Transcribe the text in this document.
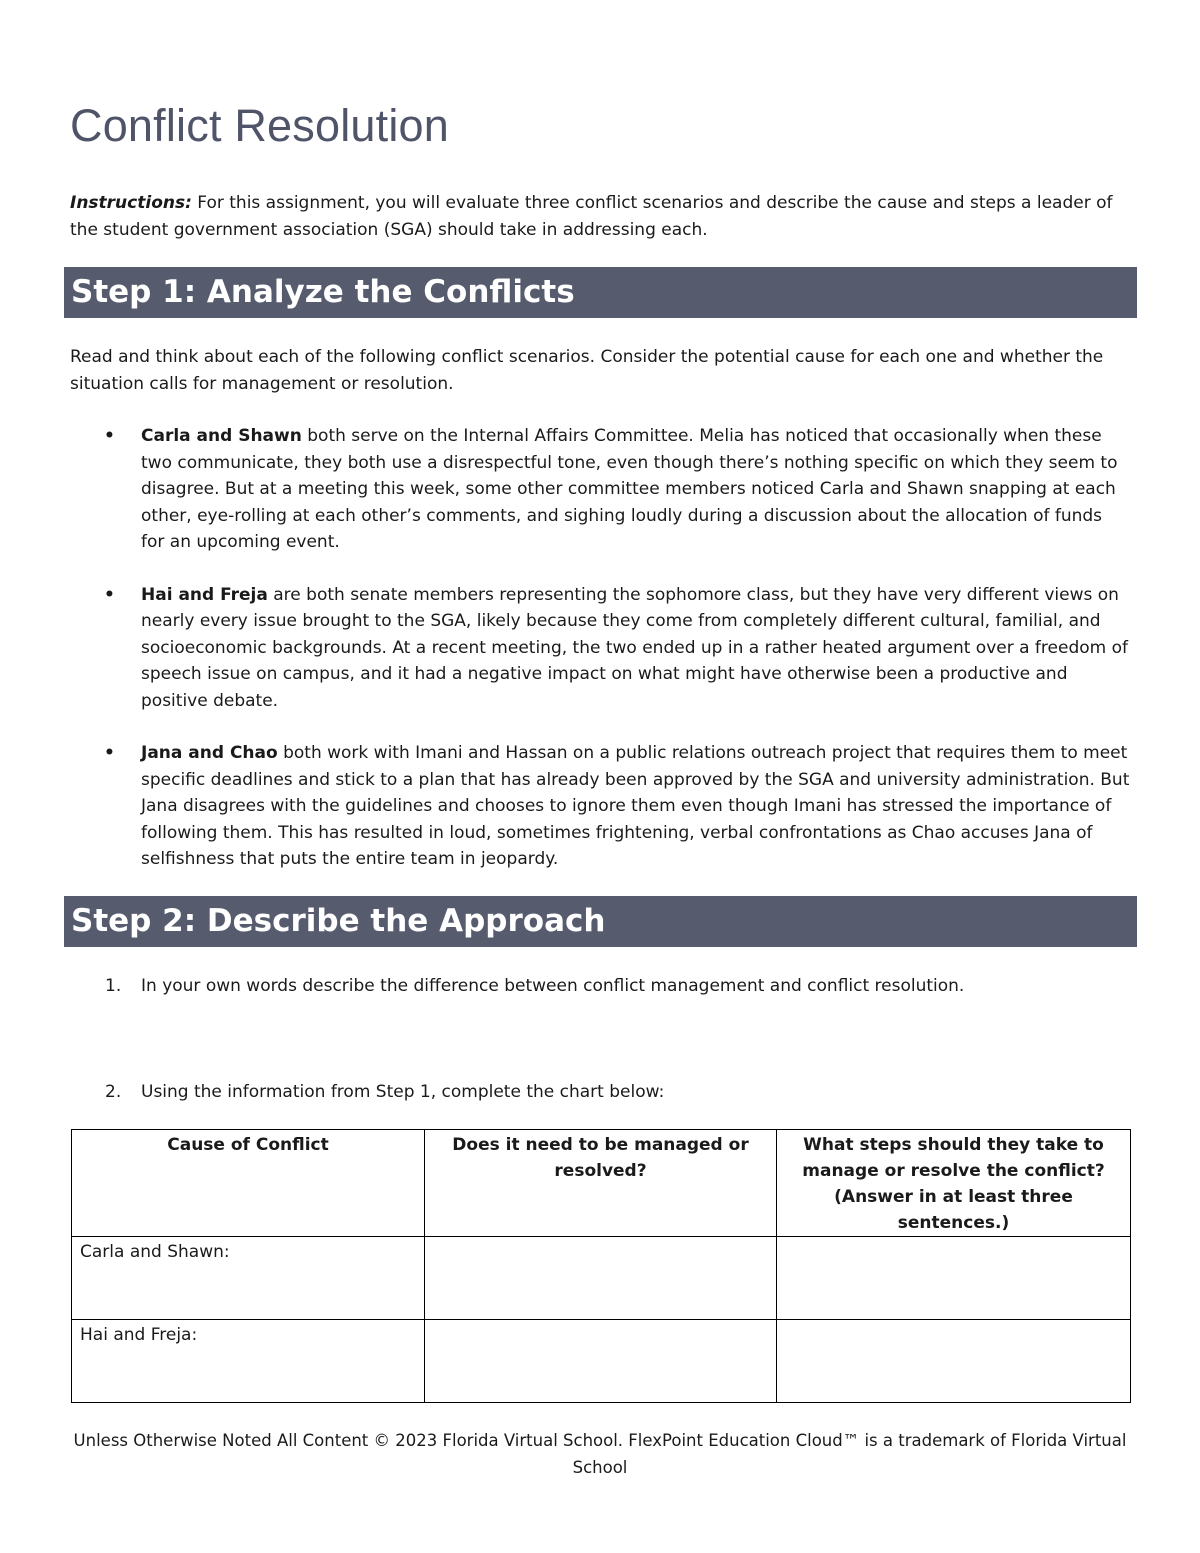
Conflict Resolution

Instructions: For this assignment, you will evaluate three conflict scenarios and describe the cause and steps a leader of the student government association (SGA) should take in addressing each.

Step 1: Analyze the Conflicts

Read and think about each of the following conflict scenarios. Consider the potential cause for each one and whether the situation calls for management or resolution.

• Carla and Shawn both serve on the Internal Affairs Committee. Melia has noticed that occasionally when these two communicate, they both use a disrespectful tone, even though there’s nothing specific on which they seem to disagree. But at a meeting this week, some other committee members noticed Carla and Shawn snapping at each other, eye-rolling at each other’s comments, and sighing loudly during a discussion about the allocation of funds for an upcoming event.
• Hai and Freja are both senate members representing the sophomore class, but they have very different views on nearly every issue brought to the SGA, likely because they come from completely different cultural, familial, and socioeconomic backgrounds. At a recent meeting, the two ended up in a rather heated argument over a freedom of speech issue on campus, and it had a negative impact on what might have otherwise been a productive and positive debate.
• Jana and Chao both work with Imani and Hassan on a public relations outreach project that requires them to meet specific deadlines and stick to a plan that has already been approved by the SGA and university administration. But Jana disagrees with the guidelines and chooses to ignore them even though Imani has stressed the importance of following them. This has resulted in loud, sometimes frightening, verbal confrontations as Chao accuses Jana of selfishness that puts the entire team in jeopardy.
Step 2: Describe the Approach
1. In your own words describe the difference between conflict management and conflict resolution.
2. Using the information from Step 1, complete the chart below:
Cause of Conflict	Does it need to be managed or resolved?	What steps should they take to manage or resolve the conflict? (Answer in at least three sentences.)
Carla and Shawn:		
Hai and Freja:		

Unless Otherwise Noted All Content © 2023 Florida Virtual School. FlexPoint Education Cloud™ is a trademark of Florida Virtual School
